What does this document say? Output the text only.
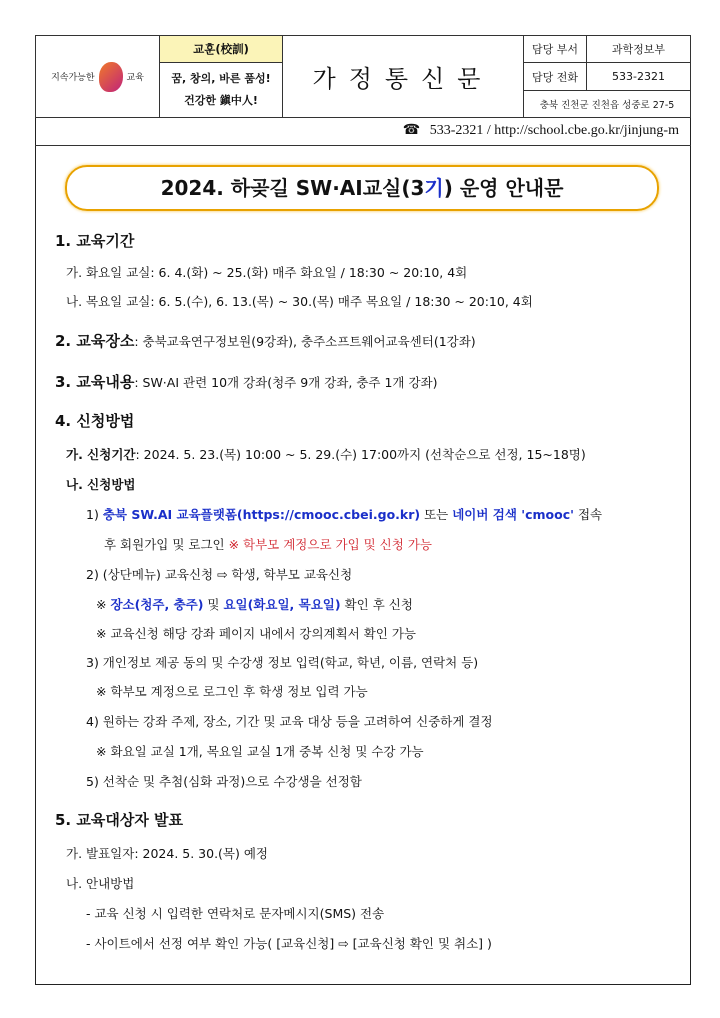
지속가능한 교육	교훈(校訓)	가정통신문	담당 부서	과학정보부

	꿈, 창의, 바른 품성!
건강한 鎭中人!		담당 전화	533-2321
			충북 진천군 진천읍 성중로 27-5	
☎ 533-2321 / http://school.cbe.go.kr/jinjung-m
2024. 하곶길 SW·AI교실(3기) 운영 안내문
1. 교육기간
가. 화요일 교실: 6. 4.(화) ~ 25.(화) 매주 화요일 / 18:30 ~ 20:10, 4회
나. 목요일 교실: 6. 5.(수), 6. 13.(목) ~ 30.(목) 매주 목요일 / 18:30 ~ 20:10, 4회
2. 교육장소: 충북교육연구정보원(9강좌), 충주소프트웨어교육센터(1강좌)
3. 교육내용: SW·AI 관련 10개 강좌(청주 9개 강좌, 충주 1개 강좌)
4. 신청방법
가. 신청기간: 2024. 5. 23.(목) 10:00 ~ 5. 29.(수) 17:00까지 (선착순으로 선정, 15~18명)
나. 신청방법
1) 충북 SW.AI 교육플랫폼(https://cmooc.cbei.go.kr) 또는 네이버 검색 'cmooc' 접속
후 회원가입 및 로그인 ※ 학부모 계정으로 가입 및 신청 가능
2) (상단메뉴) 교육신청 ⇨ 학생, 학부모 교육신청
※ 장소(청주, 충주) 및 요일(화요일, 목요일) 확인 후 신청
※ 교육신청 해당 강좌 페이지 내에서 강의계획서 확인 가능
3) 개인정보 제공 동의 및 수강생 정보 입력(학교, 학년, 이름, 연락처 등)
※ 학부모 계정으로 로그인 후 학생 정보 입력 가능
4) 원하는 강좌 주제, 장소, 기간 및 교육 대상 등을 고려하여 신중하게 결정
※ 화요일 교실 1개, 목요일 교실 1개 중복 신청 및 수강 가능
5) 선착순 및 추첨(심화 과정)으로 수강생을 선정함
5. 교육대상자 발표
가. 발표일자: 2024. 5. 30.(목) 예정
나. 안내방법
- 교육 신청 시 입력한 연락처로 문자메시지(SMS) 전송
- 사이트에서 선정 여부 확인 가능( [교육신청] ⇨ [교육신청 확인 및 취소] )
